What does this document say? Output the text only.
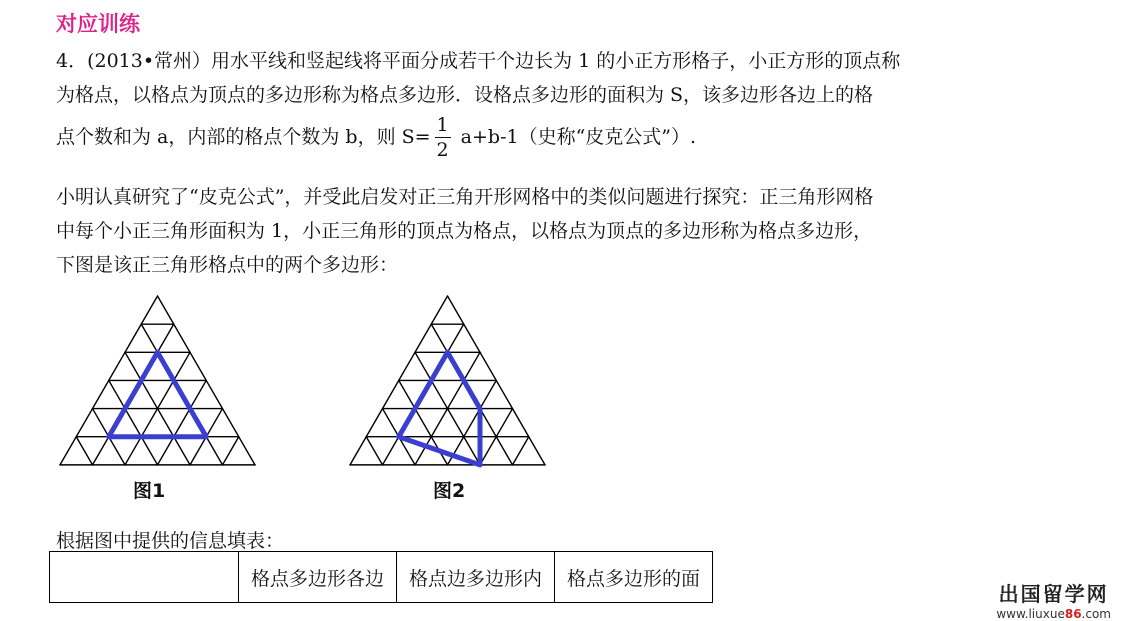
对应训练
4．(2013•常州）用水平线和竖起线将平面分成若干个边长为 1 的小正方形格子，小正方形的顶点称
为格点，以格点为顶点的多边形称为格点多边形．设格点多边形的面积为 S，该多边形各边上的格
点个数和为 a，内部的格点个数为 b，则 $S= \frac{1}{2} a+b-1$（史称“皮克公式”）.
小明认真研究了“皮克公式”，并受此启发对正三角开形网格中的类似问题进行探究：正三角形网格
中每个小正三角形面积为 1，小正三角形的顶点为格点，以格点为顶点的多边形称为格点多边形，
下图是该正三角形格点中的两个多边形：
图1	图2
根据图中提供的信息填表：
	格点多边形各边	格点边多边形内	格点多边形的面
出国留学网
www.liuxue86.com
